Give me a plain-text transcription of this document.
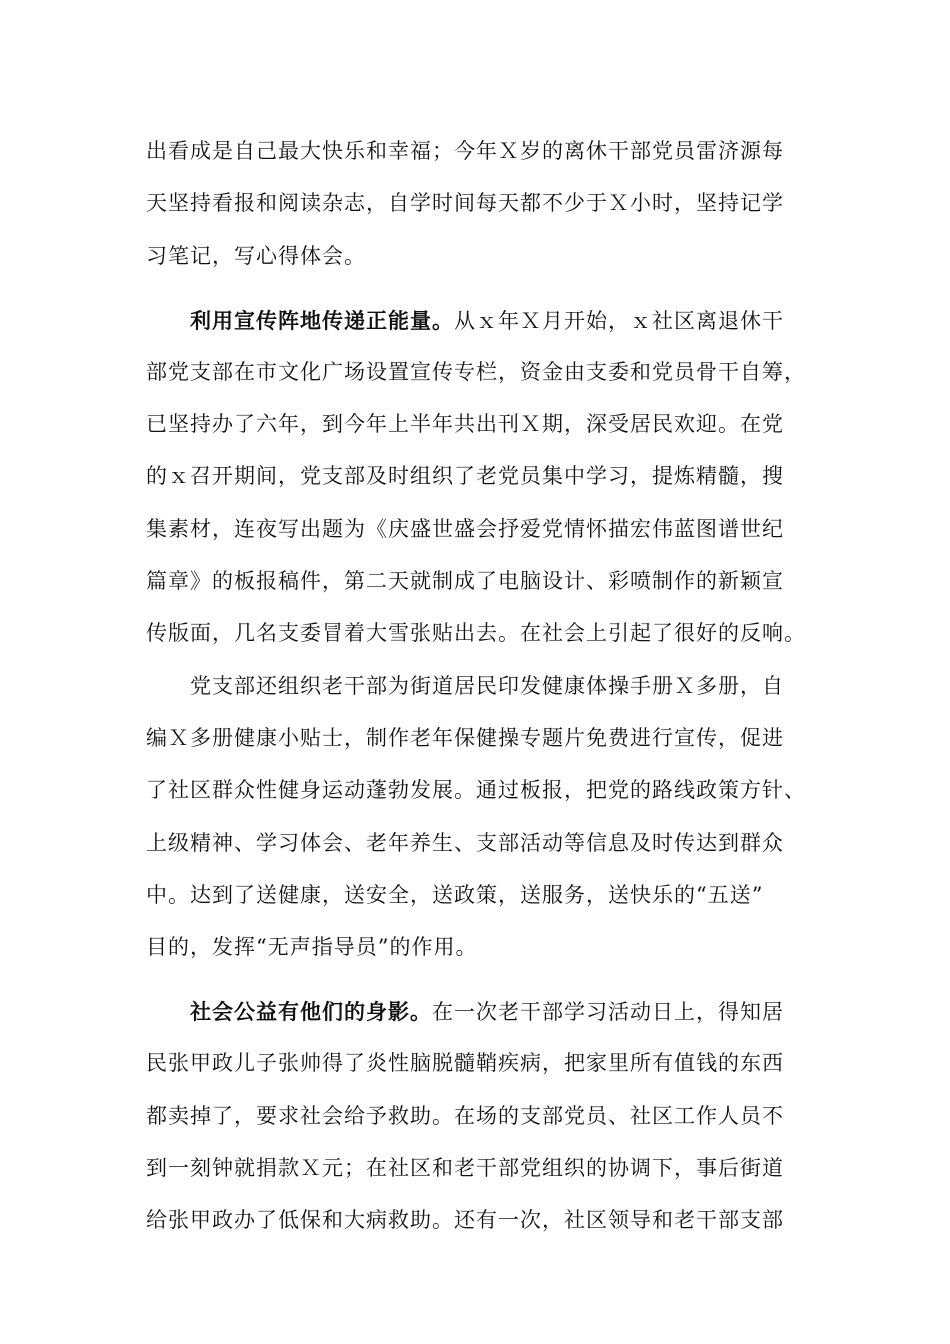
出看成是自己最大快乐和幸福；今年Ｘ岁的离休干部党员雷济源每
天坚持看报和阅读杂志，自学时间每天都不少于Ｘ小时，坚持记学
习笔记，写心得体会。
利用宣传阵地传递正能量。从ｘ年Ｘ月开始，ｘ社区离退休干
部党支部在市文化广场设置宣传专栏，资金由支委和党员骨干自筹，
已坚持办了六年，到今年上半年共出刊Ｘ期，深受居民欢迎。在党
的ｘ召开期间，党支部及时组织了老党员集中学习，提炼精髓，搜
集素材，连夜写出题为《庆盛世盛会抒爱党情怀描宏伟蓝图谱世纪
篇章》的板报稿件，第二天就制成了电脑设计、彩喷制作的新颖宣
传版面，几名支委冒着大雪张贴出去。在社会上引起了很好的反响。
党支部还组织老干部为街道居民印发健康体操手册Ｘ多册，自
编Ｘ多册健康小贴士，制作老年保健操专题片免费进行宣传，促进
了社区群众性健身运动蓬勃发展。通过板报，把党的路线政策方针、
上级精神、学习体会、老年养生、支部活动等信息及时传达到群众
中。达到了送健康，送安全，送政策，送服务，送快乐的“五送”
目的，发挥“无声指导员”的作用。
社会公益有他们的身影。在一次老干部学习活动日上，得知居
民张甲政儿子张帅得了炎性脑脱髓鞘疾病，把家里所有值钱的东西
都卖掉了，要求社会给予救助。在场的支部党员、社区工作人员不
到一刻钟就捐款Ｘ元；在社区和老干部党组织的协调下，事后街道
给张甲政办了低保和大病救助。还有一次，社区领导和老干部支部
